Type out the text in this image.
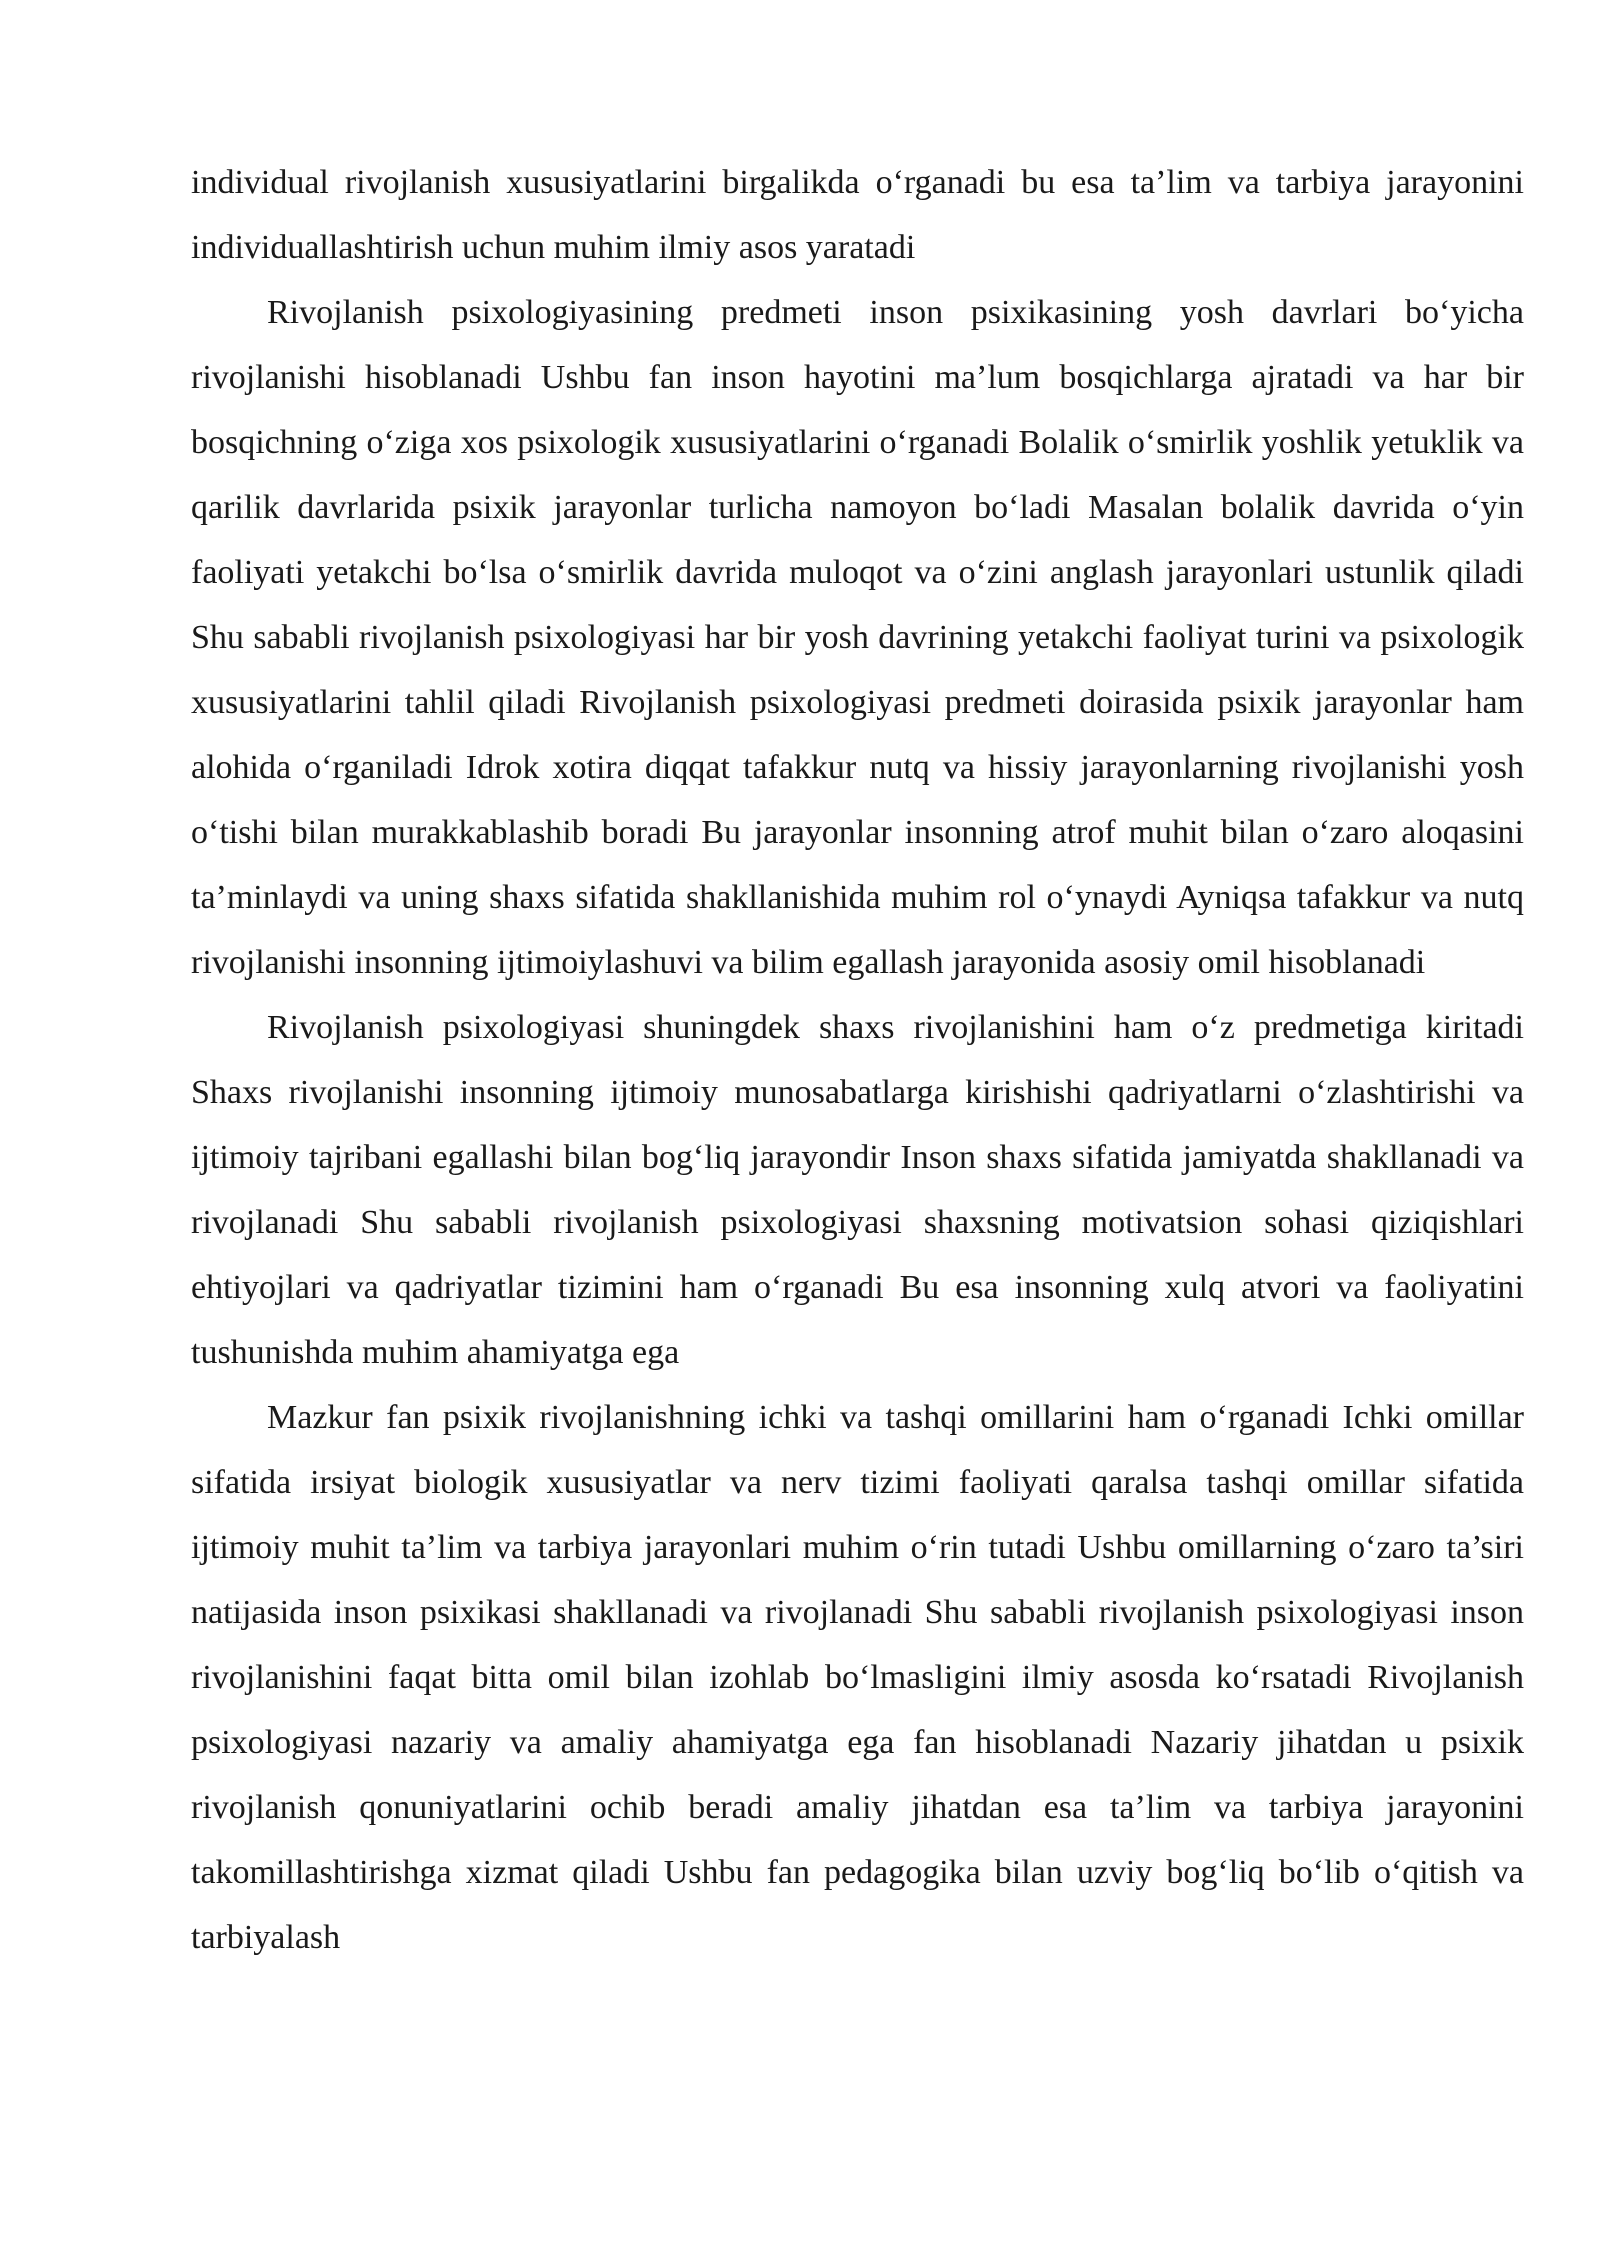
individual rivojlanish xususiyatlarini birgalikda o‘rganadi bu esa ta’lim va tarbiya jarayonini individuallashtirish uchun muhim ilmiy asos yaratadi

Rivojlanish psixologiyasining predmeti inson psixikasining yosh davrlari bo‘yicha rivojlanishi hisoblanadi Ushbu fan inson hayotini ma’lum bosqichlarga ajratadi va har bir bosqichning o‘ziga xos psixologik xususiyatlarini o‘rganadi Bolalik o‘smirlik yoshlik yetuklik va qarilik davrlarida psixik jarayonlar turlicha namoyon bo‘ladi Masalan bolalik davrida o‘yin faoliyati yetakchi bo‘lsa o‘smirlik davrida muloqot va o‘zini anglash jarayonlari ustunlik qiladi Shu sababli rivojlanish psixologiyasi har bir yosh davrining yetakchi faoliyat turini va psixologik xususiyatlarini tahlil qiladi Rivojlanish psixologiyasi predmeti doirasida psixik jarayonlar ham alohida o‘rganiladi Idrok xotira diqqat tafakkur nutq va hissiy jarayonlarning rivojlanishi yosh o‘tishi bilan murakkablashib boradi Bu jarayonlar insonning atrof muhit bilan o‘zaro aloqasini ta’minlaydi va uning shaxs sifatida shakllanishida muhim rol o‘ynaydi Ayniqsa tafakkur va nutq rivojlanishi insonning ijtimoiylashuvi va bilim egallash jarayonida asosiy omil hisoblanadi

Rivojlanish psixologiyasi shuningdek shaxs rivojlanishini ham o‘z predmetiga kiritadi Shaxs rivojlanishi insonning ijtimoiy munosabatlarga kirishishi qadriyatlarni o‘zlashtirishi va ijtimoiy tajribani egallashi bilan bog‘liq jarayondir Inson shaxs sifatida jamiyatda shakllanadi va rivojlanadi Shu sababli rivojlanish psixologiyasi shaxsning motivatsion sohasi qiziqishlari ehtiyojlari va qadriyatlar tizimini ham o‘rganadi Bu esa insonning xulq atvori va faoliyatini tushunishda muhim ahamiyatga ega

Mazkur fan psixik rivojlanishning ichki va tashqi omillarini ham o‘rganadi Ichki omillar sifatida irsiyat biologik xususiyatlar va nerv tizimi faoliyati qaralsa tashqi omillar sifatida ijtimoiy muhit ta’lim va tarbiya jarayonlari muhim o‘rin tutadi Ushbu omillarning o‘zaro ta’siri natijasida inson psixikasi shakllanadi va rivojlanadi Shu sababli rivojlanish psixologiyasi inson rivojlanishini faqat bitta omil bilan izohlab bo‘lmasligini ilmiy asosda ko‘rsatadi Rivojlanish psixologiyasi nazariy va amaliy ahamiyatga ega fan hisoblanadi Nazariy jihatdan u psixik rivojlanish qonuniyatlarini ochib beradi amaliy jihatdan esa ta’lim va tarbiya jarayonini takomillashtirishga xizmat qiladi Ushbu fan pedagogika bilan uzviy bog‘liq bo‘lib o‘qitish va tarbiyalash
